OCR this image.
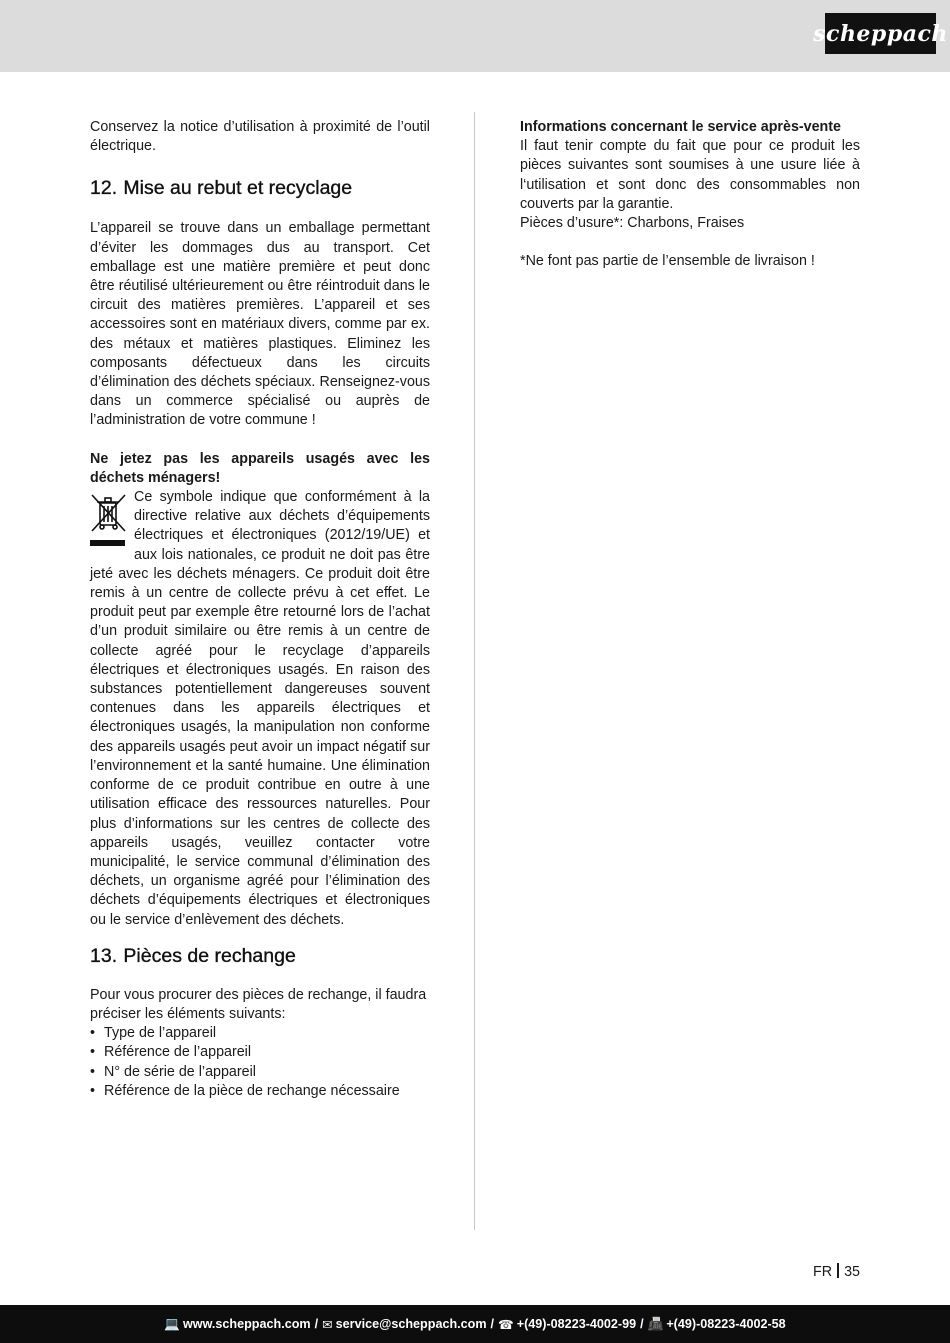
scheppach

Conservez la notice d’utilisation à proximité de l’outil électrique.

12. Mise au rebut et recyclage

L’appareil se trouve dans un emballage permettant d’éviter les dommages dus au transport. Cet emballage est une matière première et peut donc être réutilisé ultérieurement ou être réintroduit dans le circuit des matières premières. L’appareil et ses accessoires sont en matériaux divers, comme par ex. des métaux et matières plastiques. Eliminez les composants défectueux dans les circuits d’élimination des déchets spéciaux. Renseignez-vous dans un commerce spécialisé ou auprès de l’administration de votre commune !

Ne jetez pas les appareils usagés avec les déchets ménagers!

Ce symbole indique que conformément à la directive relative aux déchets d’équipements électriques et électroniques (2012/19/UE) et aux lois nationales, ce produit ne doit pas être jeté avec les déchets ménagers. Ce produit doit être remis à un centre de collecte prévu à cet effet. Le produit peut par exemple être retourné lors de l’achat d’un produit similaire ou être remis à un centre de collecte agréé pour le recyclage d’appareils électriques et électroniques usagés. En raison des substances potentiellement dangereuses souvent contenues dans les appareils électriques et électroniques usagés, la manipulation non conforme des appareils usagés peut avoir un impact négatif sur l’environnement et la santé humaine. Une élimination conforme de ce produit contribue en outre à une utilisation efficace des ressources naturelles. Pour plus d’informations sur les centres de collecte des appareils usagés, veuillez contacter votre municipalité, le service communal d’élimination des déchets, un organisme agréé pour l’élimination des déchets d’équipements électriques et électroniques ou le service d’enlèvement des déchets.

13. Pièces de rechange

Pour vous procurer des pièces de rechange, il faudra préciser les éléments suivants:

• Type de l’appareil
• Référence de l’appareil
• N° de série de l’appareil
• Référence de la pièce de rechange nécessaire

Informations concernant le service après-vente

Il faut tenir compte du fait que pour ce produit les pièces suivantes sont soumises à une usure liée à l‘utilisation et sont donc des consommables non couverts par la garantie.

Pièces d’usure*: Charbons, Fraises

*Ne font pas partie de l’ensemble de livraison !

FR 35
💻 www.scheppach.com / ✉ service@scheppach.com / ☎ +(49)-08223-4002-99 / 📠 +(49)-08223-4002-58
